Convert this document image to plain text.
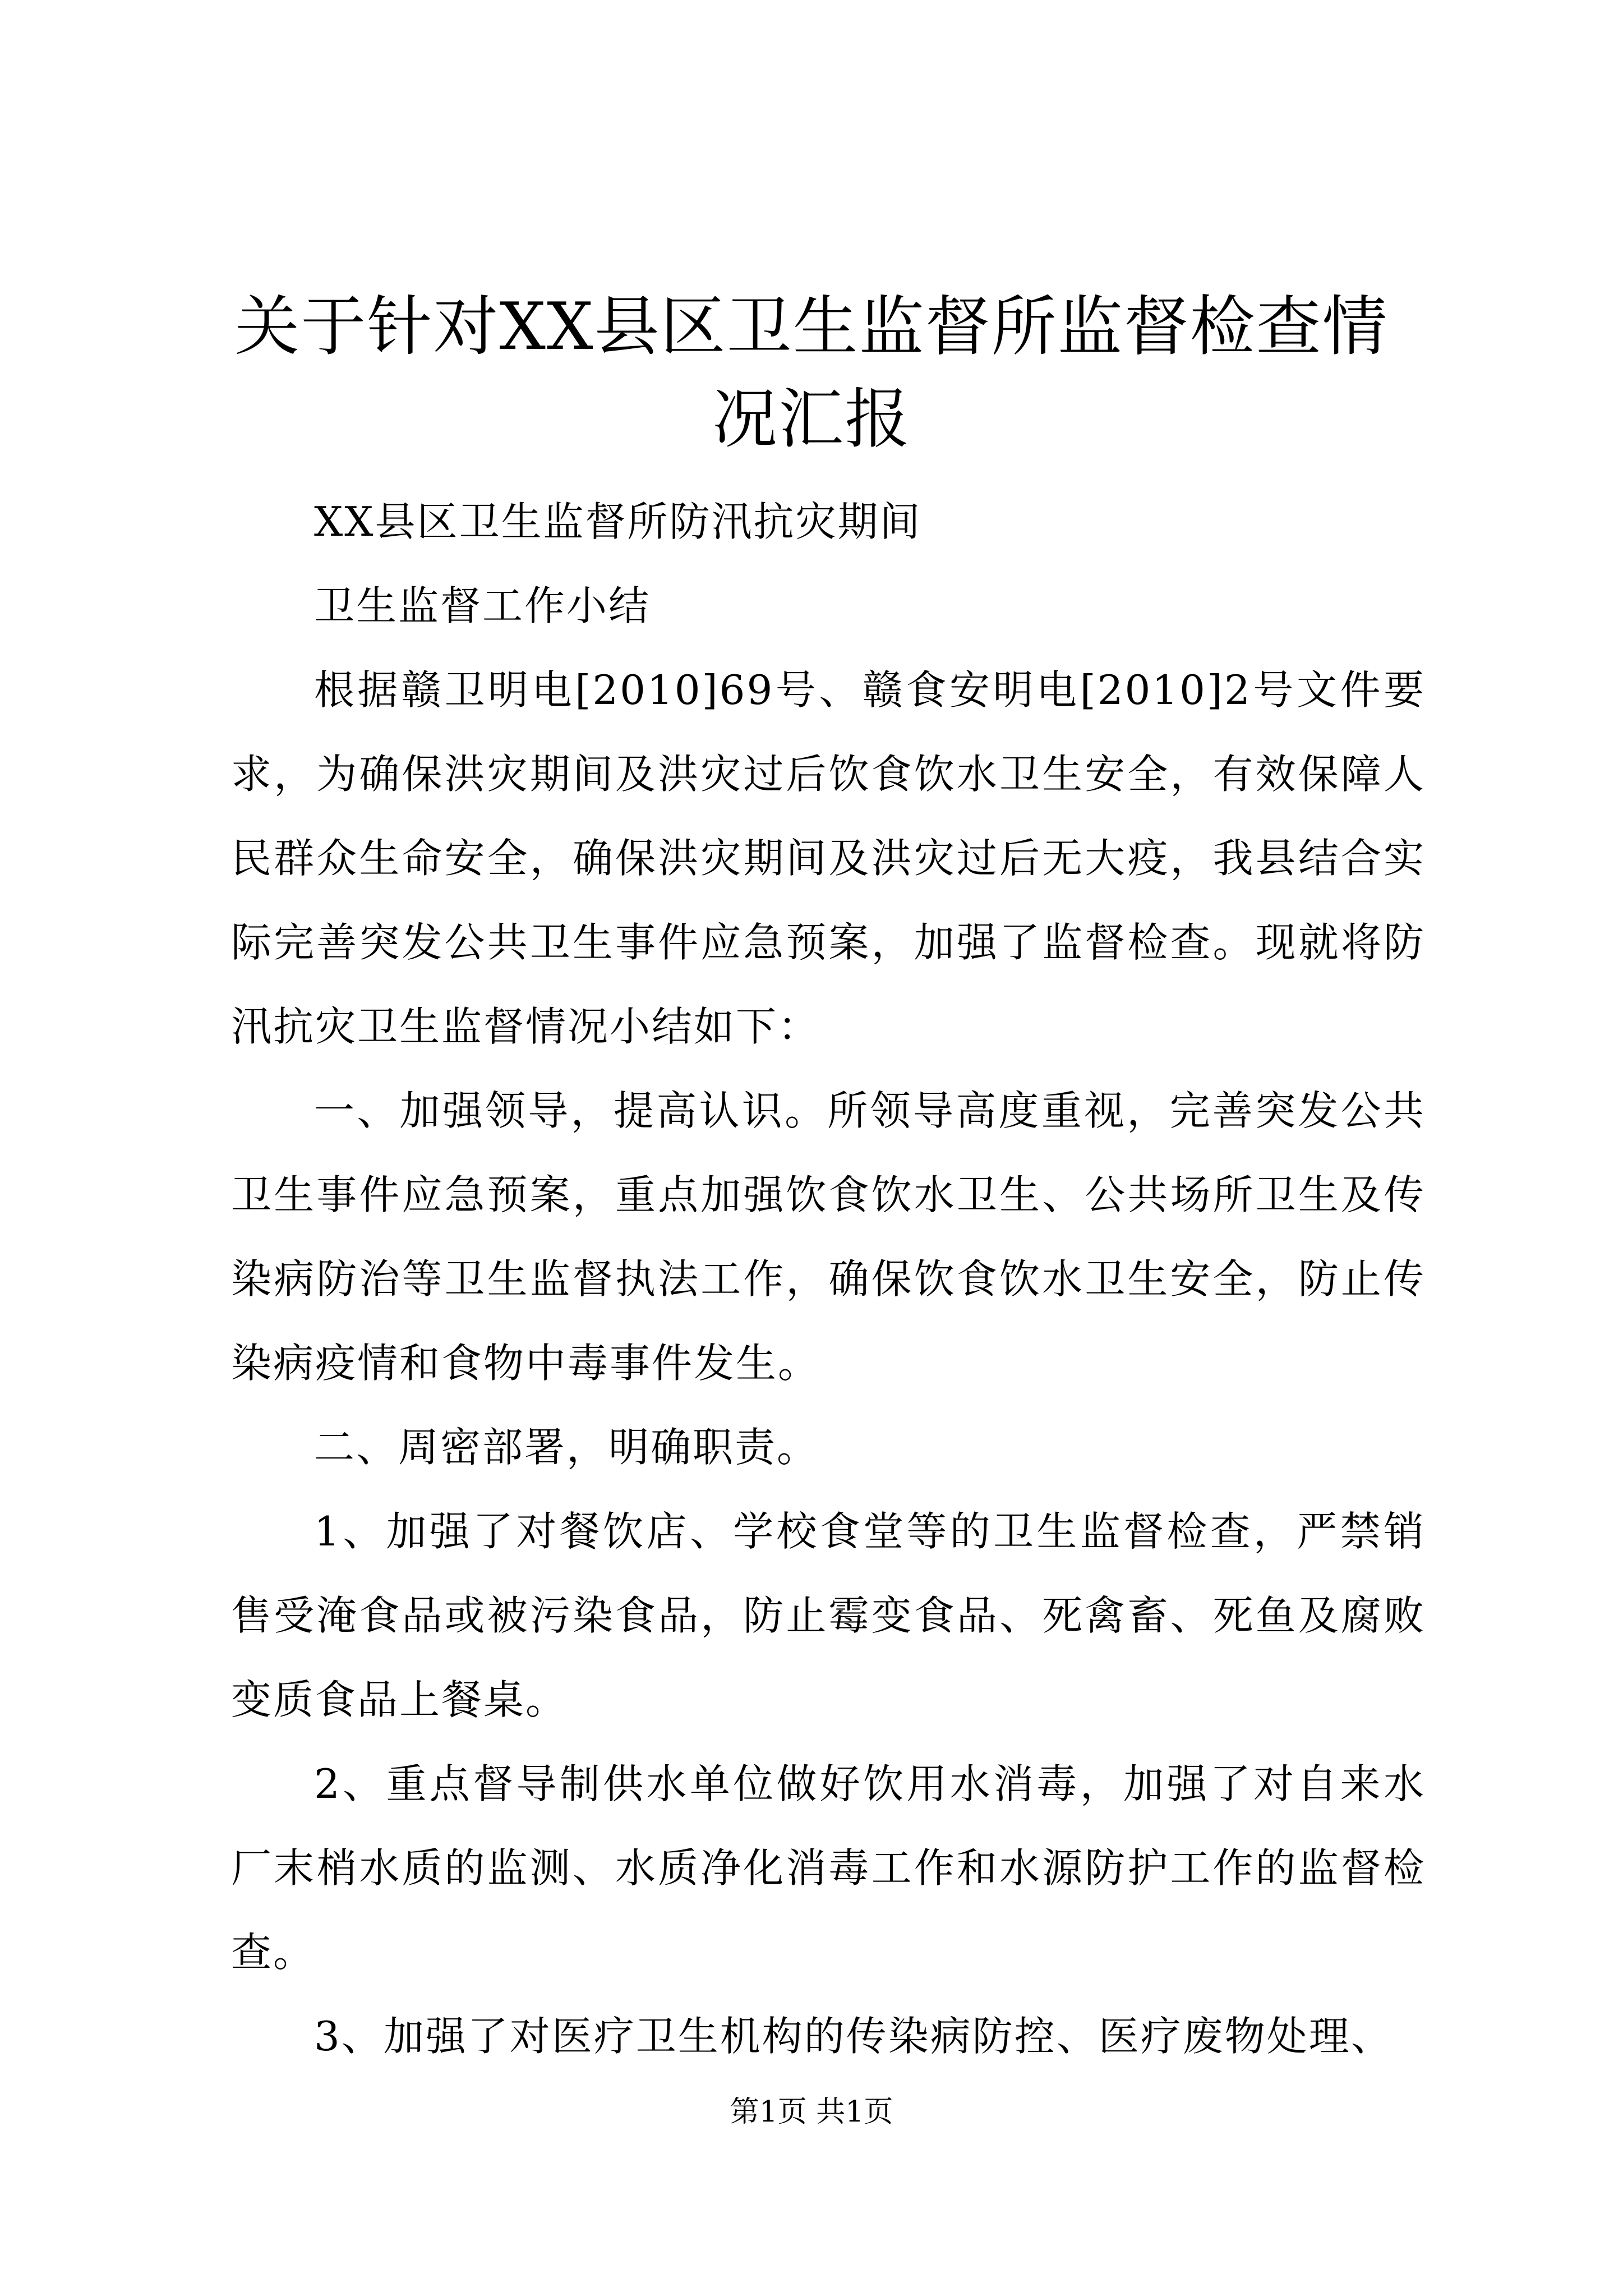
关于针对XX县区卫生监督所监督检查情况汇报

XX县区卫生监督所防汛抗灾期间

卫生监督工作小结

根据赣卫明电[2010]69号、赣食安明电[2010]2号文件要求，为确保洪灾期间及洪灾过后饮食饮水卫生安全，有效保障人民群众生命安全，确保洪灾期间及洪灾过后无大疫，我县结合实际完善突发公共卫生事件应急预案，加强了监督检查。现就将防汛抗灾卫生监督情况小结如下：

一、加强领导，提高认识。所领导高度重视，完善突发公共卫生事件应急预案，重点加强饮食饮水卫生、公共场所卫生及传染病防治等卫生监督执法工作，确保饮食饮水卫生安全，防止传染病疫情和食物中毒事件发生。

二、周密部署，明确职责。

1、加强了对餐饮店、学校食堂等的卫生监督检查，严禁销售受淹食品或被污染食品，防止霉变食品、死禽畜、死鱼及腐败变质食品上餐桌。

2、重点督导制供水单位做好饮用水消毒，加强了对自来水厂末梢水质的监测、水质净化消毒工作和水源防护工作的监督检查。

3、加强了对医疗卫生机构的传染病防控、医疗废物处理、

第1页 共1页
